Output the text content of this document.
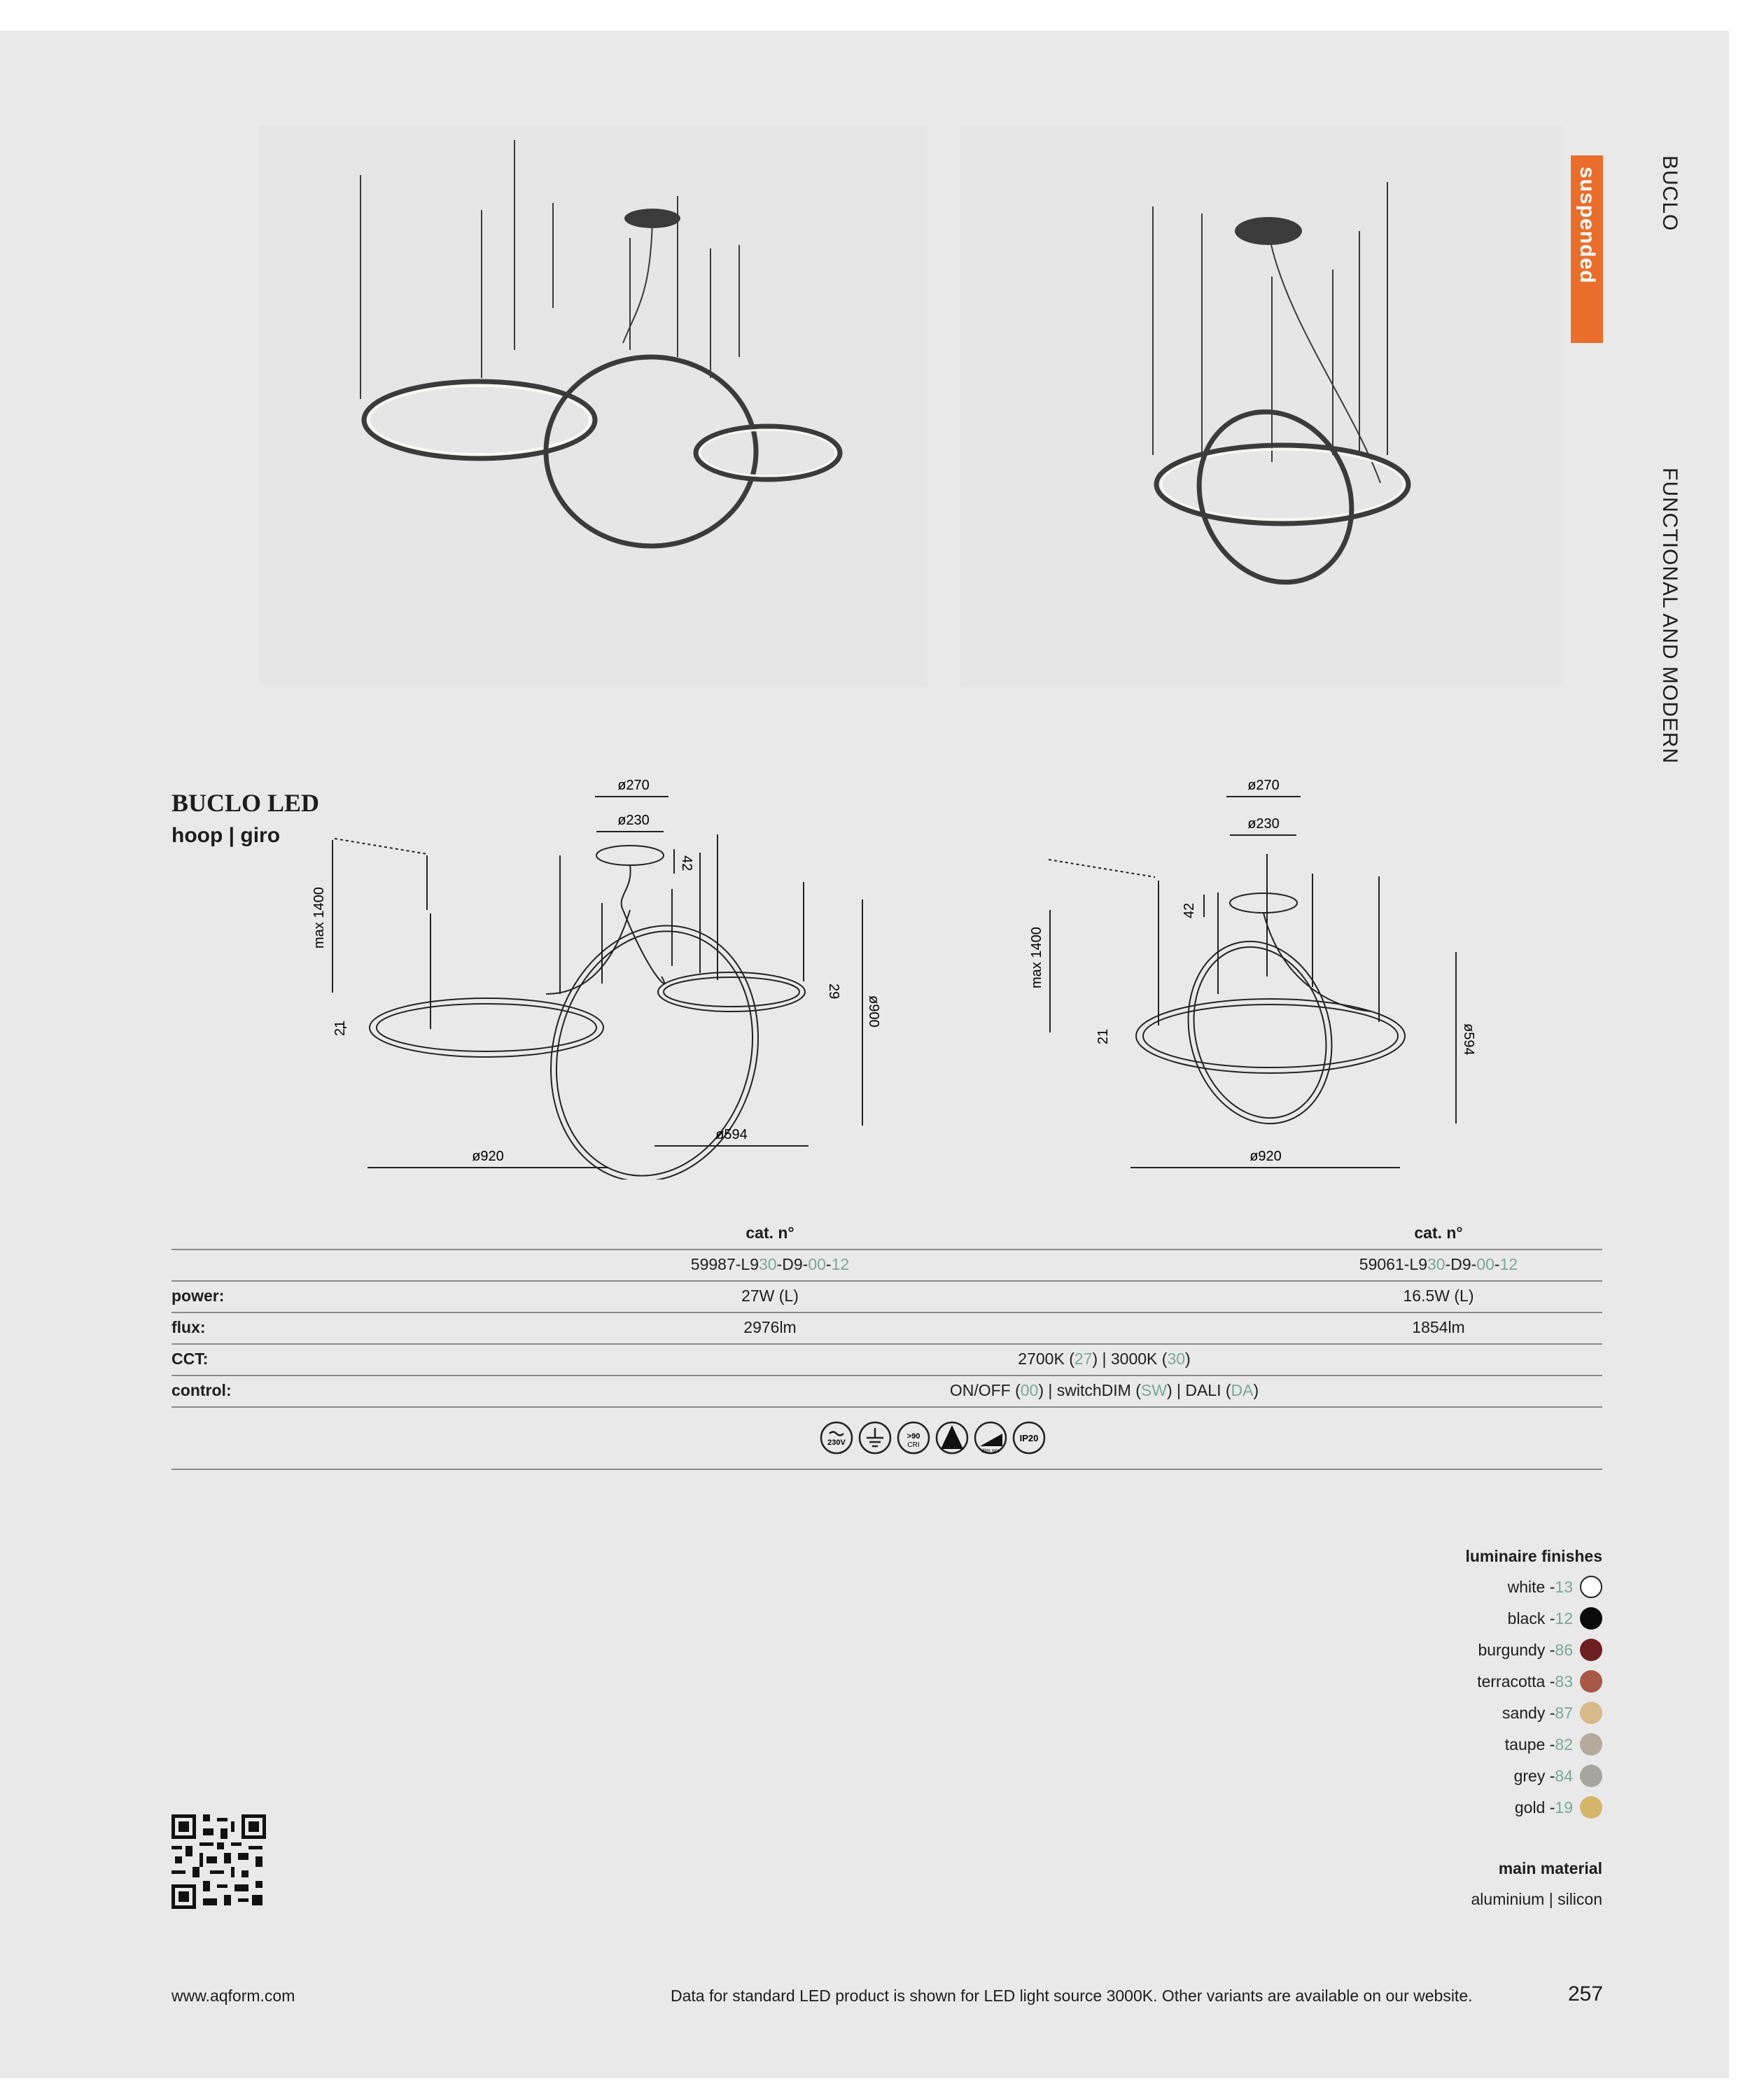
BUCLO
suspended
FUNCTIONAL AND MODERN
BUCLO LED
hoop | giro
ø270
ø230
42
max 1400
21
29
ø900
ø594
ø920
ø270
ø230
42
max 1400
21	ø594
ø920
cat. n°	cat. n°
59987-L930-D9-00-12	59061-L930-D9-00-12
power:	27W (L)	16.5W (L)
flux:	2976lm	1854lm
CCT:	2700K (27) | 3000K (30)
control:	ON/OFF (00) | switchDIM (SW) | DALI (DA)
230V
>90
CRI
dim spr
IP20
luminaire finishes
white -13
black -12
burgundy -86
terracotta -83
sandy -87
taupe -82
grey -84
gold -19
main material
aluminium | silicon
www.aqform.com	Data for standard LED product is shown for LED light source 3000K. Other variants are available on our website.	257
